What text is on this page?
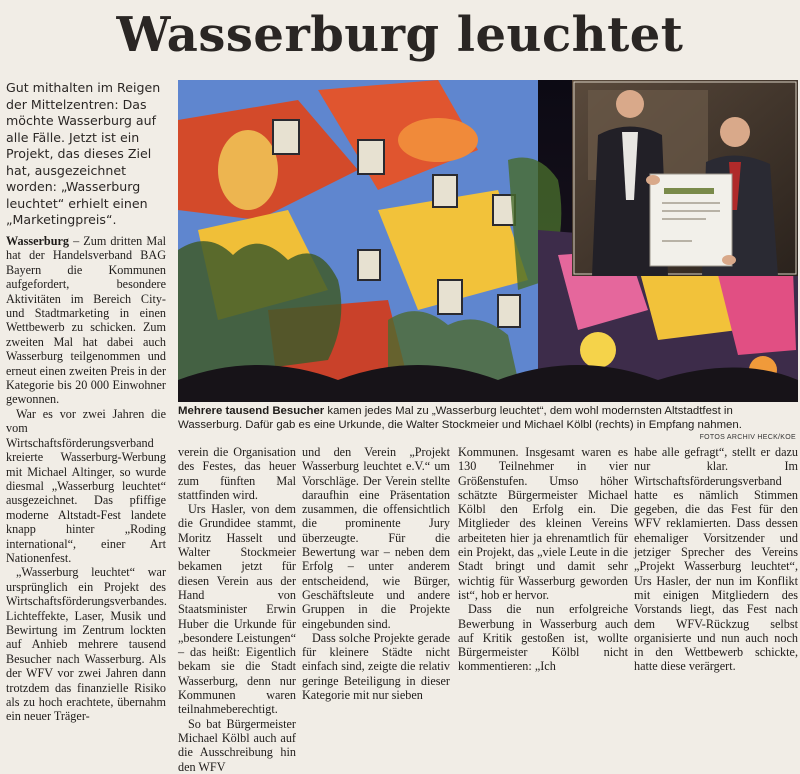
Wasserburg leuchtet
Gut mithalten im Reigen der Mittelzentren: Das möchte Wasserburg auf alle Fälle. Jetzt ist ein Projekt, das dieses Ziel hat, ausgezeichnet worden: „Wasserburg leuchtet“ erhielt einen „Marketingpreis“.

Wasserburg – Zum dritten Mal hat der Handelsverband BAG Bayern die Kommunen aufgefordert, besondere Aktivitäten im Bereich City- und Stadtmarketing in einen Wettbewerb zu schicken. Zum zweiten Mal hat dabei auch Wasserburg teilgenommen und erneut einen zweiten Preis in der Kategorie bis 20 000 Einwohner gewonnen.

War es vor zwei Jahren die vom Wirtschaftsförderungsverband kreierte Wasserburg-Werbung mit Michael Altinger, so wurde diesmal „Wasserburg leuchtet“ ausgezeichnet. Das pfiffige moderne Altstadt-Fest landete knapp hinter „Roding international“, einer Art Nationenfest.

„Wasserburg leuchtet“ war ursprünglich ein Projekt des Wirtschaftsförderungsverbandes. Lichteffekte, Laser, Musik und Bewirtung im Zentrum lockten auf Anhieb mehrere tausend Besucher nach Wasserburg. Als der WFV vor zwei Jahren dann trotzdem das finanzielle Risiko als zu hoch erachtete, übernahm ein neuer Träger-

Mehrere tausend Besucher kamen jedes Mal zu „Wasserburg leuchtet“, dem wohl modernsten Altstadtfest in Wasserburg. Dafür gab es eine Urkunde, die Walter Stockmeier und Michael Kölbl (rechts) in Empfang nahmen.
FOTOS ARCHIV HECK/KOE

verein die Organisation des Festes, das heuer zum fünften Mal stattfinden wird.

Urs Hasler, von dem die Grundidee stammt, Moritz Hasselt und Walter Stockmeier bekamen jetzt für diesen Verein aus der Hand von Staatsminister Erwin Huber die Urkunde für „besondere Leistungen“ – das heißt: Eigentlich bekam sie die Stadt Wasserburg, denn nur Kommunen waren teilnahmeberechtigt.

So bat Bürgermeister Michael Kölbl auch auf die Ausschreibung hin den WFV

und den Verein „Projekt Wasserburg leuchtet e.V.“ um Vorschläge. Der Verein stellte daraufhin eine Präsentation zusammen, die offensichtlich die prominente Jury überzeugte. Für die Bewertung war – neben dem Erfolg – unter anderem entscheidend, wie Bürger, Geschäftsleute und andere Gruppen in die Projekte eingebunden sind.

Dass solche Projekte gerade für kleinere Städte nicht einfach sind, zeigte die relativ geringe Beteiligung in dieser Kategorie mit nur sieben

Kommunen. Insgesamt waren es 130 Teilnehmer in vier Größenstufen. Umso höher schätzte Bürgermeister Michael Kölbl den Erfolg ein. Die Mitglieder des kleinen Vereins arbeiteten hier ja ehrenamtlich für ein Projekt, das „viele Leute in die Stadt bringt und damit sehr wichtig für Wasserburg geworden ist“, hob er hervor.

Dass die nun erfolgreiche Bewerbung in Wasserburg auch auf Kritik gestoßen ist, wollte Bürgermeister Kölbl nicht kommentieren: „Ich

habe alle gefragt“, stellt er dazu nur klar. Im Wirtschaftsförderungsverband hatte es nämlich Stimmen gegeben, die das Fest für den WFV reklamierten. Dass dessen ehemaliger Vorsitzender und jetziger Sprecher des Vereins „Projekt Wasserburg leuchtet“, Urs Hasler, der nun im Konflikt mit einigen Mitgliedern des Vorstands liegt, das Fest nach dem WFV-Rückzug selbst organisierte und nun auch noch in den Wettbewerb schickte, hatte diese verärgert.
